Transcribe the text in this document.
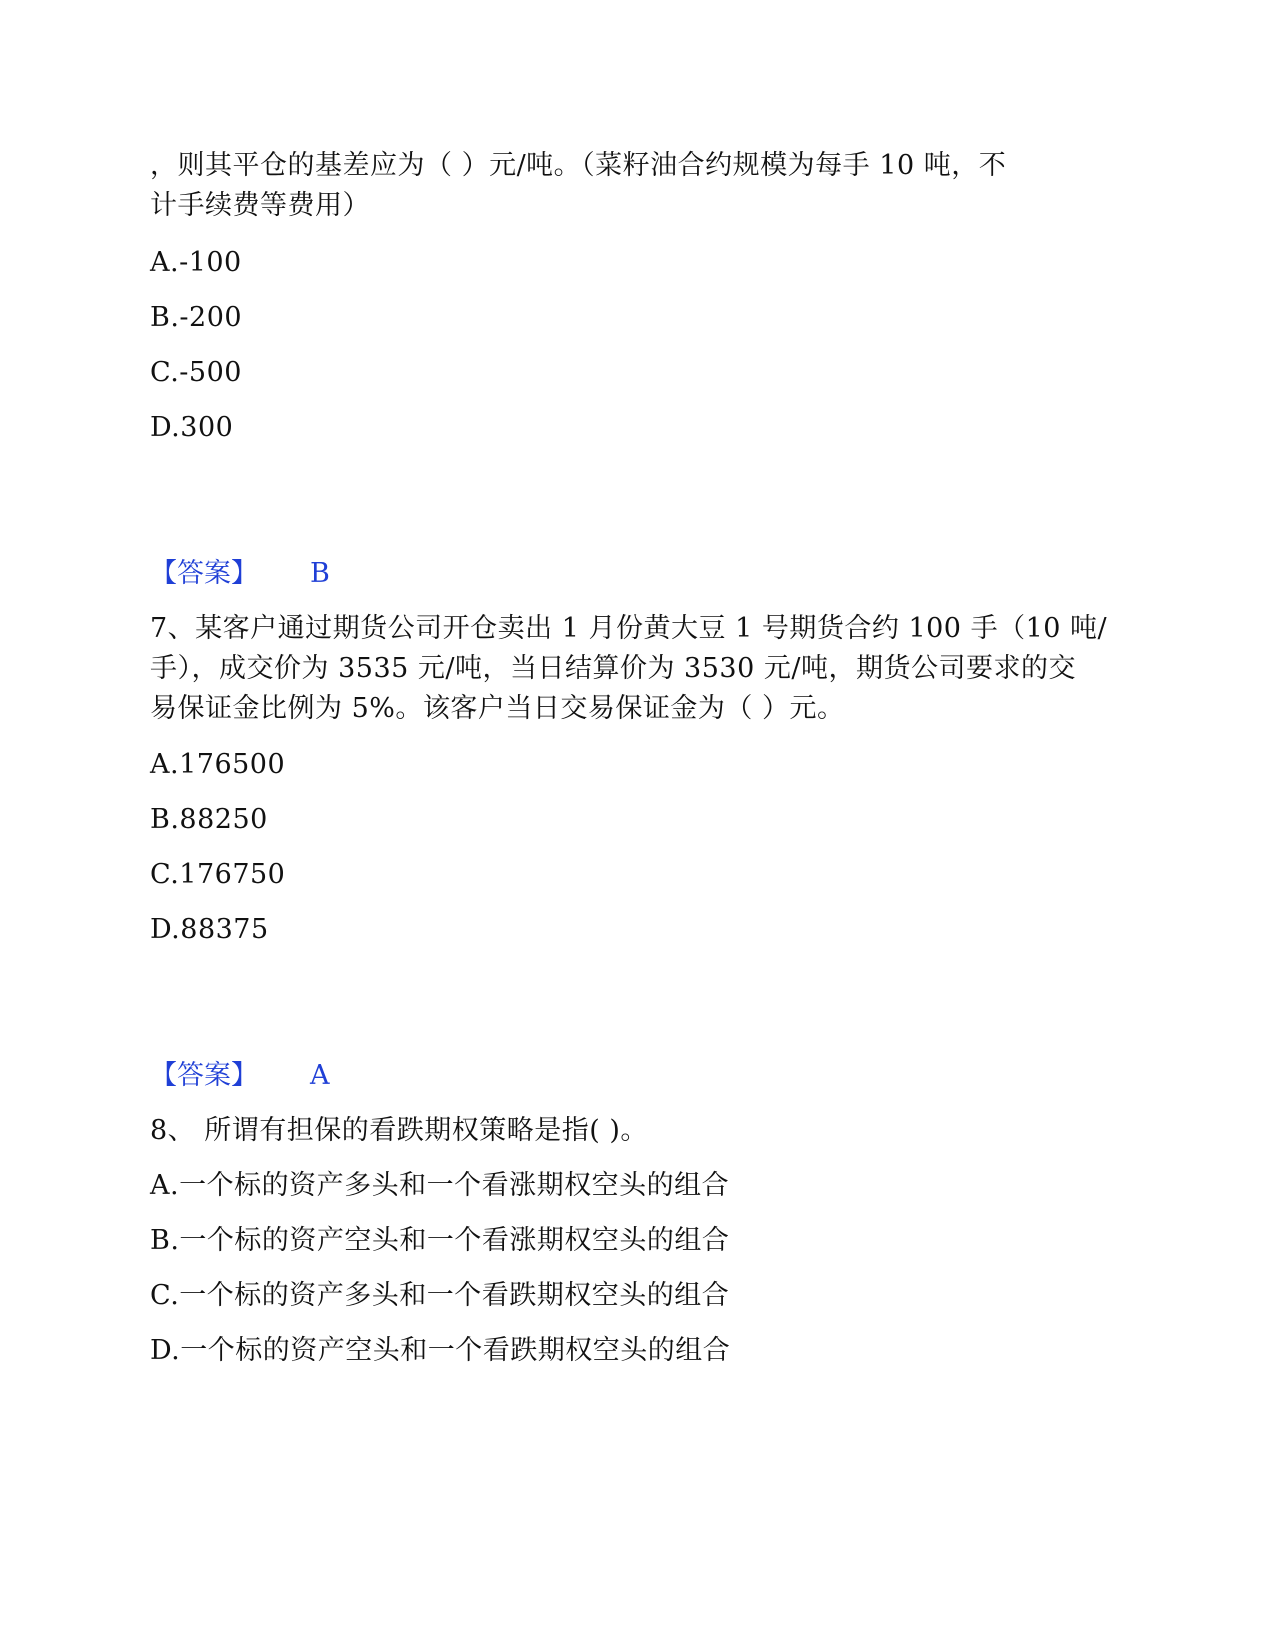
，则其平仓的基差应为（ ）元/吨。（菜籽油合约规模为每手 10 吨，不
计手续费等费用）
A.-100
B.-200
C.-500
D.300
【答案】 B
7、某客户通过期货公司开仓卖出 1 月份黄大豆 1 号期货合约 100 手（10 吨/
手），成交价为 3535 元/吨，当日结算价为 3530 元/吨，期货公司要求的交
易保证金比例为 5%。该客户当日交易保证金为（ ）元。
A.176500
B.88250
C.176750
D.88375
【答案】 A
8、 所谓有担保的看跌期权策略是指( )。
A.一个标的资产多头和一个看涨期权空头的组合
B.一个标的资产空头和一个看涨期权空头的组合
C.一个标的资产多头和一个看跌期权空头的组合
D.一个标的资产空头和一个看跌期权空头的组合
